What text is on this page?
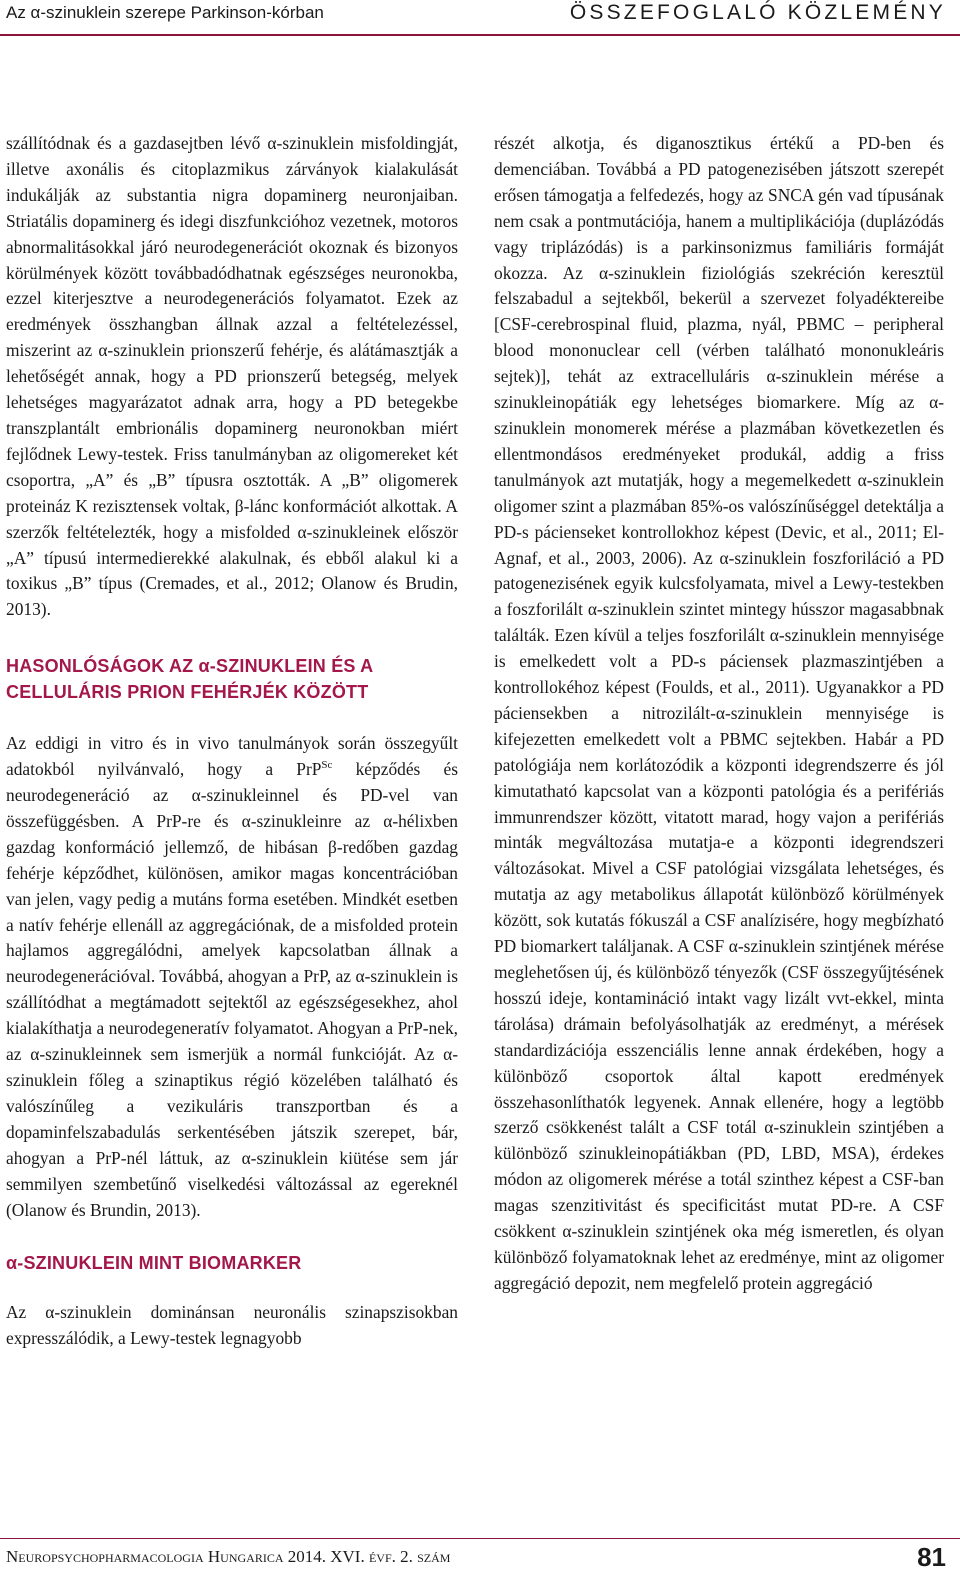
Az α-szinuklein szerepe Parkinson-kórban	ÖSSZEFOGLALÓ KÖZLEMÉNY

szállítódnak és a gazdasejtben lévő α-szinuklein misfoldingját, illetve axonális és citoplazmikus zárványok kialakulását indukálják az substantia nigra dopaminerg neuronjaiban. Striatális dopaminerg és idegi diszfunkcióhoz vezetnek, motoros abnormalitásokkal járó neurodegenerációt okoznak és bizonyos körülmények között továbbadódhatnak egészséges neuronokba, ezzel kiterjesztve a neurodegenerációs folyamatot. Ezek az eredmények összhangban állnak azzal a feltételezéssel, miszerint az α-szinuklein prionszerű fehérje, és alátámasztják a lehetőségét annak, hogy a PD prionszerű betegség, melyek lehetséges magyarázatot adnak arra, hogy a PD betegekbe transzplantált embrionális dopaminerg neuronokban miért fejlődnek Lewy-testek. Friss tanulmányban az oligomereket két csoportra, „A” és „B” típusra osztották. A „B” oligomerek proteináz K rezisztensek voltak, β-lánc konformációt alkottak. A szerzők feltételezték, hogy a misfolded α-szinukleinek először „A” típusú intermedierekké alakulnak, és ebből alakul ki a toxikus „B” típus (Cremades, et al., 2012; Olanow és Brudin, 2013).

HASONLÓSÁGOK AZ α-SZINUKLEIN ÉS A CELLULÁRIS PRION FEHÉRJÉK KÖZÖTT

Az eddigi in vitro és in vivo tanulmányok során összegyűlt adatokból nyilvánvaló, hogy a PrP$^{Sc}$ képződés és neurodegeneráció az α-szinukleinnel és PD-vel van összefüggésben. A PrP-re és α-szinukleinre az α-hélixben gazdag konformáció jellemző, de hibásan β-redőben gazdag fehérje képződhet, különösen, amikor magas koncentrációban van jelen, vagy pedig a mutáns forma esetében. Mindkét esetben a natív fehérje ellenáll az aggregációnak, de a misfolded protein hajlamos aggregálódni, amelyek kapcsolatban állnak a neurodegenerációval. Továbbá, ahogyan a PrP, az α-szinuklein is szállítódhat a megtámadott sejtektől az egészségesekhez, ahol kialakíthatja a neurodegeneratív folyamatot. Ahogyan a PrP-nek, az α-szinukleinnek sem ismerjük a normál funkcióját. Az α-szinuklein főleg a szinaptikus régió közelében található és valószínűleg a vezikuláris transzportban és a dopaminfelszabadulás serkentésében játszik szerepet, bár, ahogyan a PrP-nél láttuk, az α-szinuklein kiütése sem jár semmilyen szembetűnő viselkedési változással az egereknél (Olanow és Brundin, 2013).

α-SZINUKLEIN MINT BIOMARKER

Az α-szinuklein dominánsan neuronális szinapszisokban expresszálódik, a Lewy-testek legnagyobb

részét alkotja, és diganosztikus értékű a PD-ben és demenciában. Továbbá a PD patogenezisében játszott szerepét erősen támogatja a felfedezés, hogy az SNCA gén vad típusának nem csak a pontmutációja, hanem a multiplikációja (duplázódás vagy triplázódás) is a parkinsonizmus familiáris formáját okozza. Az α-szinuklein fiziológiás szekréción keresztül felszabadul a sejtekből, bekerül a szervezet folyadéktereibe [CSF-cerebrospinal fluid, plazma, nyál, PBMC – peripheral blood mononuclear cell (vérben található mononukleáris sejtek)], tehát az extracelluláris α-szinuklein mérése a szinukleinopátiák egy lehetséges biomarkere. Míg az α-szinuklein monomerek mérése a plazmában következetlen és ellentmondásos eredményeket produkál, addig a friss tanulmányok azt mutatják, hogy a megemelkedett α-szinuklein oligomer szint a plazmában 85%-os valószínűséggel detektálja a PD-s pácienseket kontrollokhoz képest (Devic, et al., 2011; El-Agnaf, et al., 2003, 2006). Az α-szinuklein foszforiláció a PD patogenezisének egyik kulcsfolyamata, mivel a Lewy-testekben a foszforilált α-szinuklein szintet mintegy hússzor magasabbnak találták. Ezen kívül a teljes foszforilált α-szinuklein mennyisége is emelkedett volt a PD-s páciensek plazmaszintjében a kontrollokéhoz képest (Foulds, et al., 2011). Ugyanakkor a PD páciensekben a nitrozilált-α-szinuklein mennyisége is kifejezetten emelkedett volt a PBMC sejtekben. Habár a PD patológiája nem korlátozódik a központi idegrendszerre és jól kimutatható kapcsolat van a központi patológia és a perifériás immunrendszer között, vitatott marad, hogy vajon a perifériás minták megváltozása mutatja-e a központi idegrendszeri változásokat. Mivel a CSF patológiai vizsgálata lehetséges, és mutatja az agy metabolikus állapotát különböző körülmények között, sok kutatás fókuszál a CSF analízisére, hogy megbízható PD biomarkert találjanak. A CSF α-szinuklein szintjének mérése meglehetősen új, és különböző tényezők (CSF összegyűjtésének hosszú ideje, kontamináció intakt vagy lizált vvt-ekkel, minta tárolása) drámain befolyásolhatják az eredményt, a mérések standardizációja esszenciális lenne annak érdekében, hogy a különböző csoportok által kapott eredmények összehasonlíthatók legyenek. Annak ellenére, hogy a legtöbb szerző csökkenést talált a CSF totál α-szinuklein szintjében a különböző szinukleinopátiákban (PD, LBD, MSA), érdekes módon az oligomerek mérése a totál szinthez képest a CSF-ban magas szenzitivitást és specificitást mutat PD-re. A CSF csökkent α-szinuklein szintjének oka még ismeretlen, és olyan különböző folyamatoknak lehet az eredménye, mint az oligomer aggregáció depozit, nem megfelelő protein aggregáció

Neuropsychopharmacologia Hungarica 2014. XVI. évf. 2. szám	81
